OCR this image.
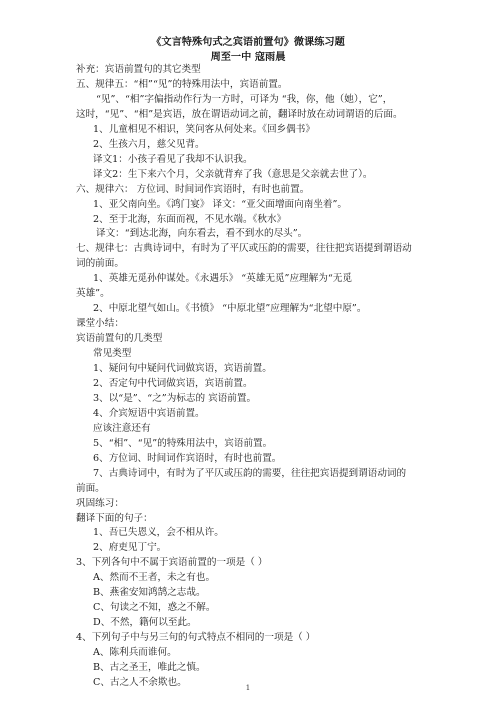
《文言特殊句式之宾语前置句》微课练习题
周至一中 寇雨晨
补充：宾语前置句的其它类型
五、规律五：“相”“见”的特殊用法中，宾语前置。
“见”、“相”字偏指动作行为一方时，可译为 “我，你，他（她），它”，
这时，“见”、“相”是宾语，放在谓语动词之前，翻译时放在动词谓语的后面。
1、儿童相见不相识，笑问客从何处来。《回乡偶书》
2、生孩六月，慈父见背。
译文1：小孩子看见了我却不认识我。
译文2：生下来六个月，父亲就背弃了我（意思是父亲就去世了）。
六、规律六： 方位词、时间词作宾语时，有时也前置。
1、亚父南向坐。《鸿门宴》 译文：“亚父面增面向南坐着”。
2、至于北海，东面而视，不见水端。《秋水》
译文：“到达北海，向东看去，看不到水的尽头”。
七、规律七：古典诗词中，有时为了平仄或压韵的需要，往往把宾语提到谓语动
词的前面。
1、英雄无觅孙仲谋处。《永遇乐》 “英雄无觅”应理解为“无觅
英雄”。
2、中原北望气如山。《书愤》 “中原北望”应理解为“北望中原”。
课堂小结：
宾语前置句的几类型
常见类型
1、疑问句中疑问代词做宾语，宾语前置。
2、否定句中代词做宾语，宾语前置。
3、以“是”、“之”为标志的 宾语前置。
4、介宾短语中宾语前置。
应该注意还有
5、“相”、“见”的特殊用法中，宾语前置。
6、方位词、时间词作宾语时，有时也前置。
7、古典诗词中，有时为了平仄或压韵的需要，往往把宾语提到谓语动词的
前面。
巩固练习：
翻译下面的句子：
1、吾已失恩义，会不相从许。
2、府吏见丁宁。
3、下列各句中不属于宾语前置的一项是（ ）
A、然而不王者，未之有也。
B、燕雀安知鸿鹄之志哉。
C、句读之不知，惑之不解。
D、不然，籍何以至此。
4、下列句子中与另三句的句式特点不相同的一项是（ ）
A、陈利兵而谁何。
B、古之圣王，唯此之慎。
C、古之人不余欺也。
1
